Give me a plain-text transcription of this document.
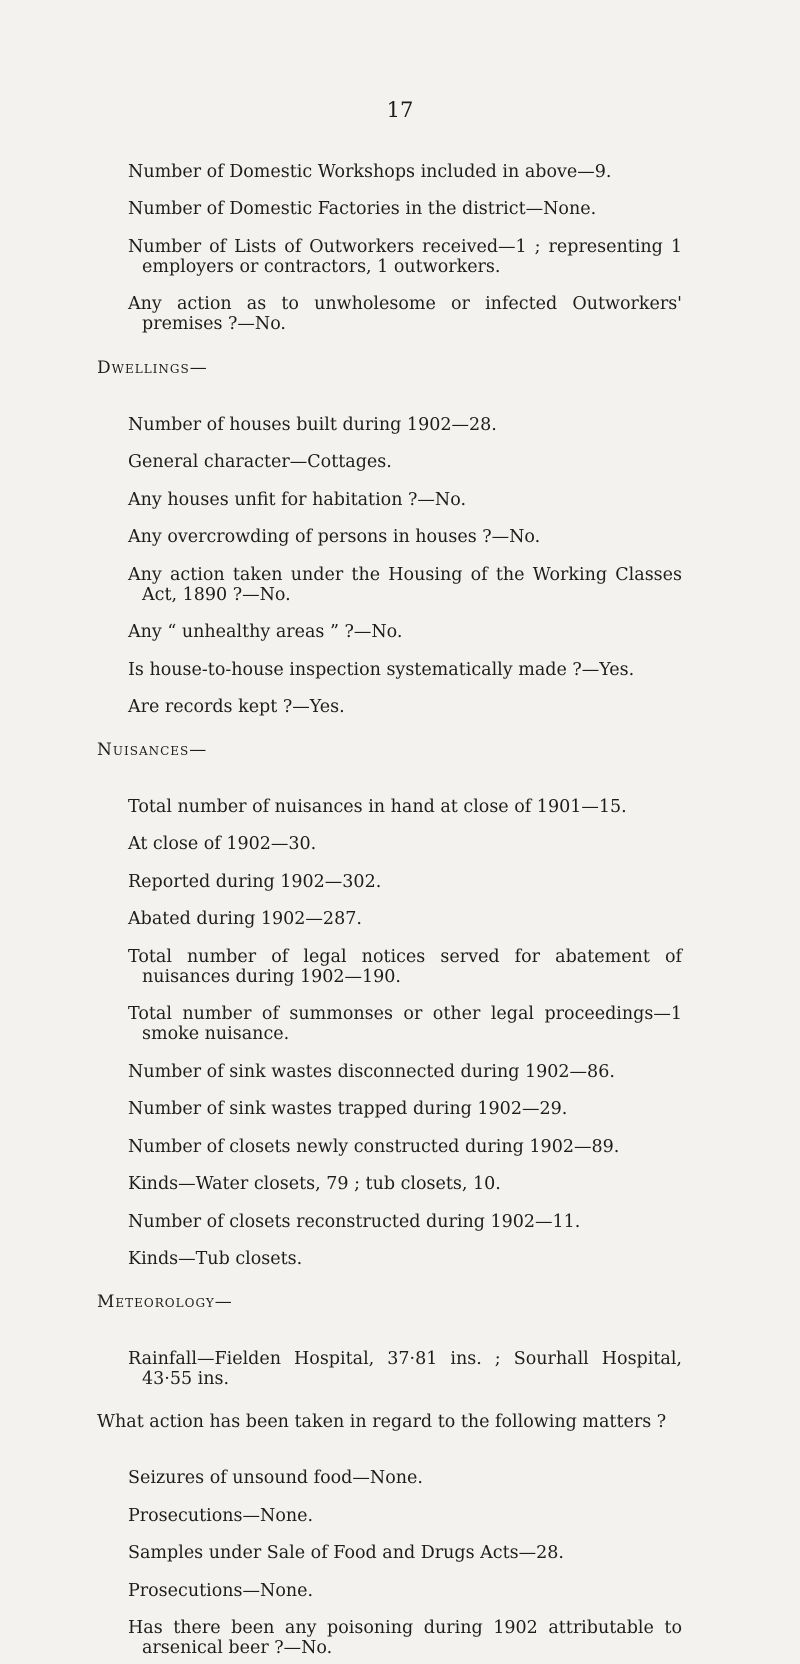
17

Number of Domestic Workshops included in above—9.

Number of Domestic Factories in the district—None.

Number of Lists of Outworkers received—1 ; representing 1 employers or contractors, 1 outworkers.

Any action as to unwholesome or infected Outworkers' premises ?—No.

Dwellings—

Number of houses built during 1902—28.

General character—Cottages.

Any houses unfit for habitation ?—No.

Any overcrowding of persons in houses ?—No.

Any action taken under the Housing of the Working Classes Act, 1890 ?—No.

Any “ unhealthy areas ” ?—No.

Is house-to-house inspection systematically made ?—Yes.

Are records kept ?—Yes.

Nuisances—

Total number of nuisances in hand at close of 1901—15.

At close of 1902—30.

Reported during 1902—302.

Abated during 1902—287.

Total number of legal notices served for abatement of nuisances during 1902—190.

Total number of summonses or other legal proceedings—1 smoke nuisance.

Number of sink wastes disconnected during 1902—86.

Number of sink wastes trapped during 1902—29.

Number of closets newly constructed during 1902—89.

Kinds—Water closets, 79 ; tub closets, 10.

Number of closets reconstructed during 1902—11.

Kinds—Tub closets.

Meteorology—

Rainfall—Fielden Hospital, 37·81 ins. ; Sourhall Hospital, 43·55 ins.

What action has been taken in regard to the following matters ?

Seizures of unsound food—None.

Prosecutions—None.

Samples under Sale of Food and Drugs Acts—28.

Prosecutions—None.

Has there been any poisoning during 1902 attributable to arsenical beer ?—No.
